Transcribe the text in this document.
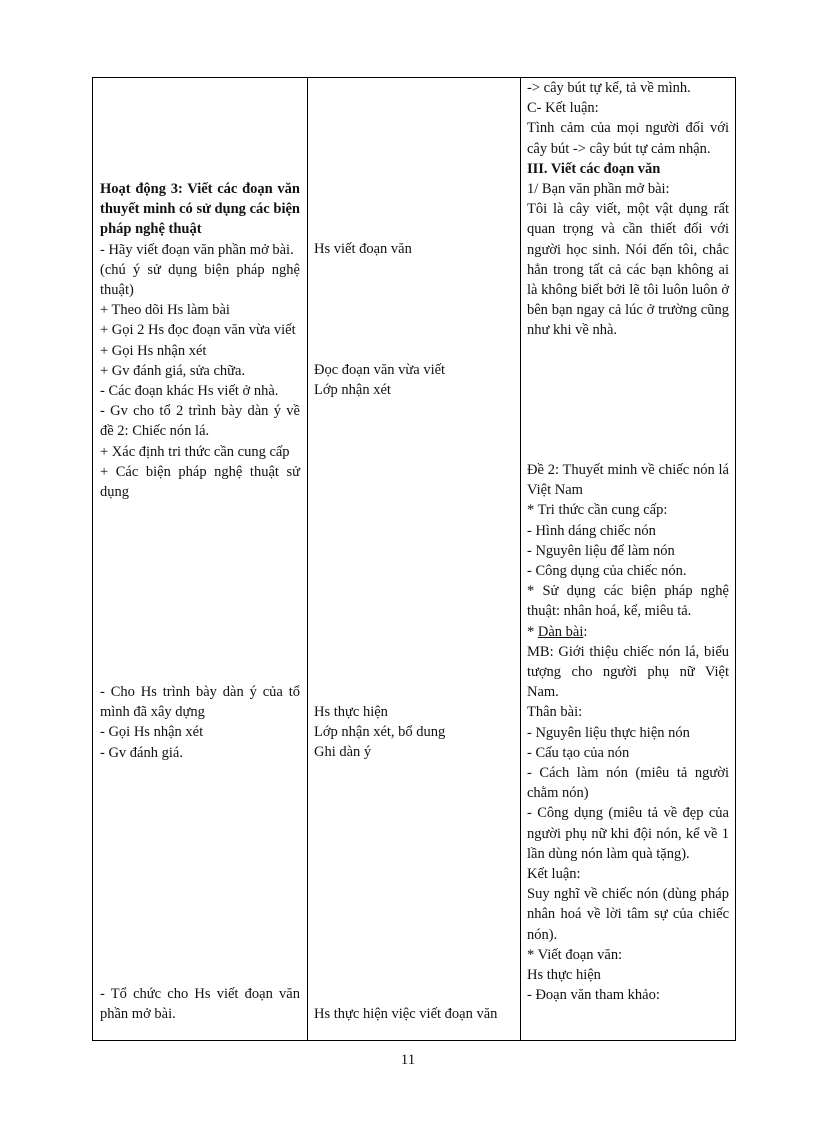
Hoạt động 3: Viết các đoạn văn thuyết minh có sử dụng các biện pháp nghệ thuật

- Hãy viết đoạn văn phần mở bài.

(chú ý sử dụng biện pháp nghệ thuật)

+ Theo dõi Hs làm bài

+ Gọi 2 Hs đọc đoạn văn vừa viết

+ Gọi Hs nhận xét

+ Gv đánh giá, sửa chữa.

- Các đoạn khác Hs viết ở nhà.

- Gv cho tổ 2 trình bày dàn ý về đề 2: Chiếc nón lá.

+ Xác định tri thức cần cung cấp

+ Các biện pháp nghệ thuật sử dụng

- Cho Hs trình bày dàn ý của tổ mình đã xây dựng

- Gọi Hs nhận xét

- Gv đánh giá.

- Tổ chức cho Hs viết đoạn văn phần mở bài.

Hs viết đoạn văn

Đọc đoạn văn vừa viết

Lớp nhận xét

Hs thực hiện

Lớp nhận xét, bổ dung

Ghi dàn ý

Hs thực hiện việc viết đoạn văn

-> cây bút tự kể, tả về mình.

C- Kết luận:

Tình cảm của mọi người đối với cây bút -> cây bút tự cảm nhận.

III. Viết các đoạn văn

1/ Bạn văn phần mở bài:

Tôi là cây viết, một vật dụng rất quan trọng và cần thiết đối với người học sinh. Nói đến tôi, chắc hẳn trong tất cả các bạn không ai là không biết bởi lẽ tôi luôn luôn ở bên bạn ngay cả lúc ở trường cũng như khi về nhà.

Đề 2: Thuyết minh về chiếc nón lá Việt Nam

* Tri thức cần cung cấp:

- Hình dáng chiếc nón

- Nguyên liệu để làm nón

- Công dụng của chiếc nón.

* Sử dụng các biện pháp nghệ thuật: nhân hoá, kể, miêu tả.

* Dàn bài:

MB: Giới thiệu chiếc nón lá, biểu tượng cho người phụ nữ Việt Nam.

Thân bài:

- Nguyên liệu thực hiện nón

- Cấu tạo của nón

- Cách làm nón (miêu tả người chằm nón)

- Công dụng (miêu tả về đẹp của người phụ nữ khi đội nón, kể về 1 lần dùng nón làm quà tặng).

Kết luận:

Suy nghĩ về chiếc nón (dùng pháp nhân hoá về lời tâm sự của chiếc nón).

* Viết đoạn văn:

Hs thực hiện

- Đoạn văn tham khảo:

11
